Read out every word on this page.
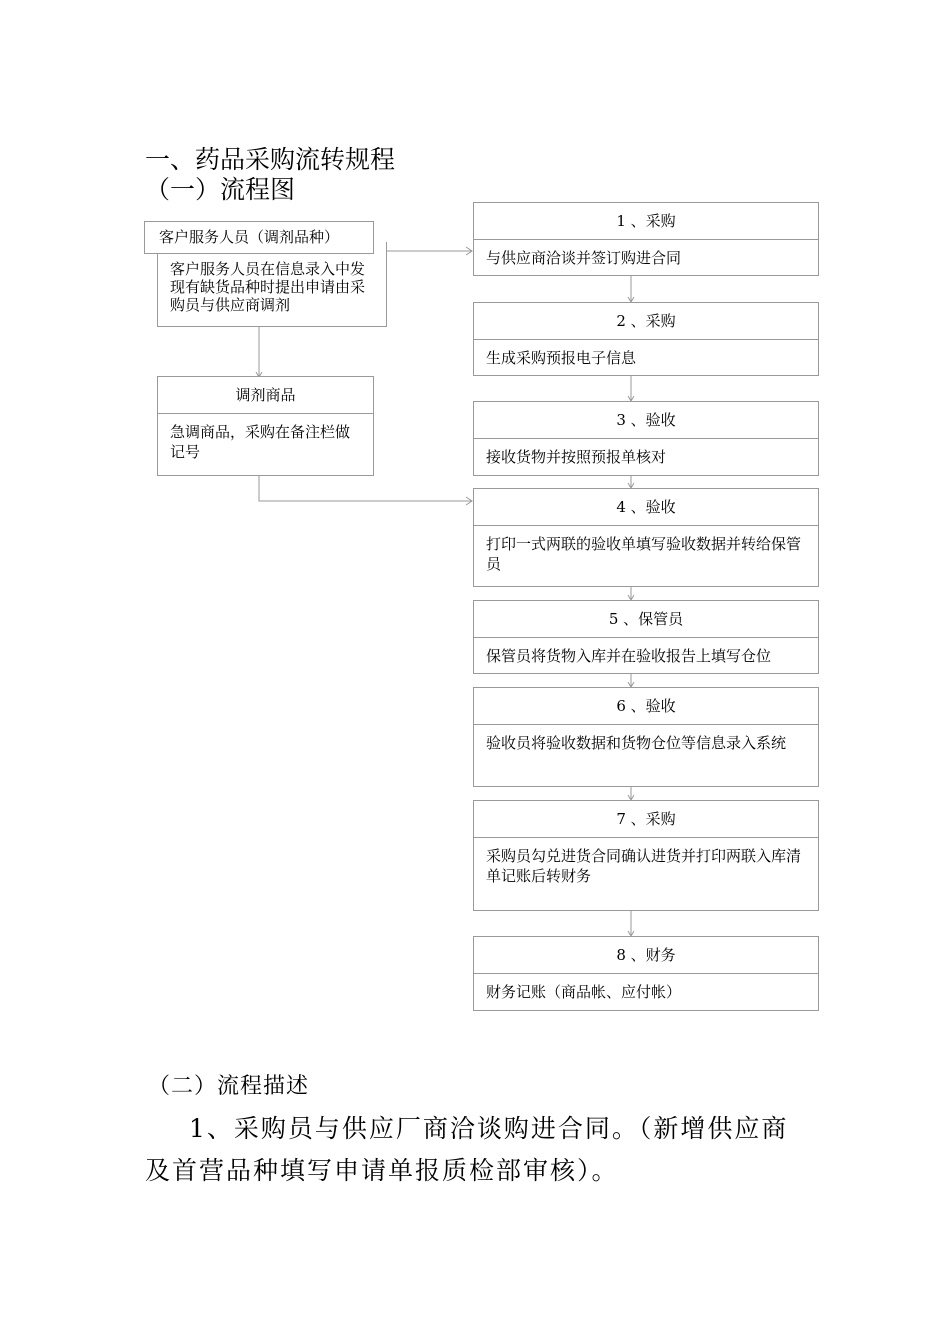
一、药品采购流转规程
（一）流程图
客户服务人员在信息录入中发现有缺货品种时提出申请由采购员与供应商调剂
客户服务人员（调剂品种）
调剂商品
急调商品，采购在备注栏做记号
1 、采购
与供应商洽谈并签订购进合同
2 、采购
生成采购预报电子信息
3 、验收
接收货物并按照预报单核对
4 、验收
打印一式两联的验收单填写验收数据并转给保管员
5 、保管员
保管员将货物入库并在验收报告上填写仓位
6 、验收
验收员将验收数据和货物仓位等信息录入系统
7 、采购
采购员勾兑进货合同确认进货并打印两联入库清单记账后转财务
8 、财务
财务记账（商品帐、应付帐）
（二）流程描述
1、采购员与供应厂商洽谈购进合同。（新增供应商及首营品种填写申请单报质检部审核）。
